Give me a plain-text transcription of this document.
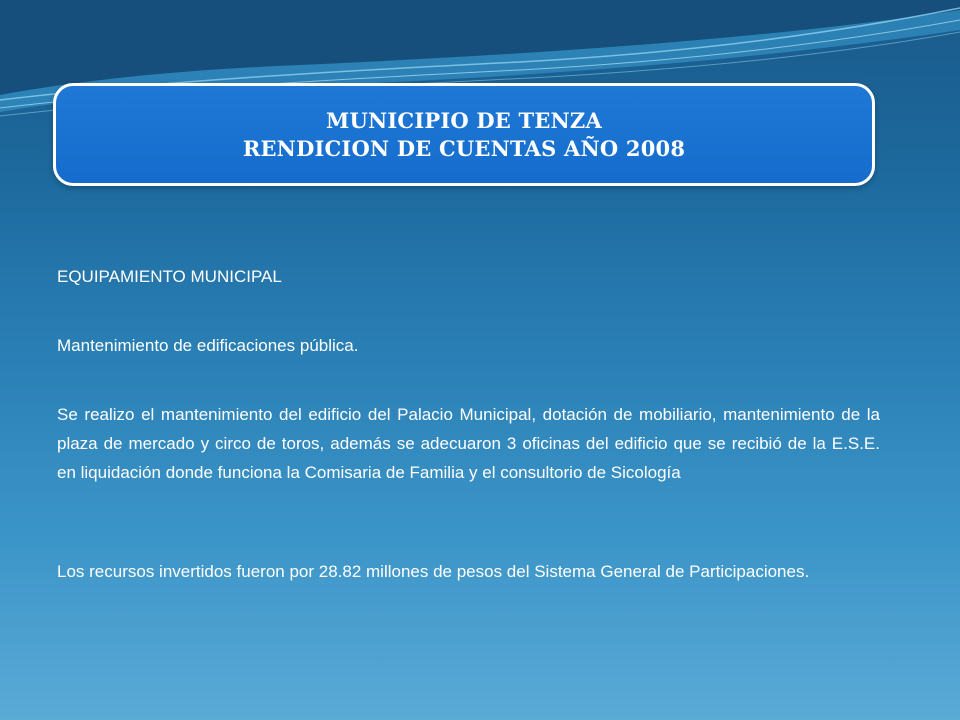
MUNICIPIO DE TENZA
RENDICION DE CUENTAS AÑO 2008

EQUIPAMIENTO MUNICIPAL

Mantenimiento de edificaciones pública.

Se realizo el mantenimiento del edificio del Palacio Municipal, dotación de mobiliario, mantenimiento de la plaza de mercado y circo de toros, además se adecuaron 3 oficinas del edificio que se recibió de la E.S.E. en liquidación donde funciona la Comisaria de Familia y el consultorio de Sicología

Los recursos invertidos fueron por 28.82 millones de pesos del Sistema General de Participaciones.
